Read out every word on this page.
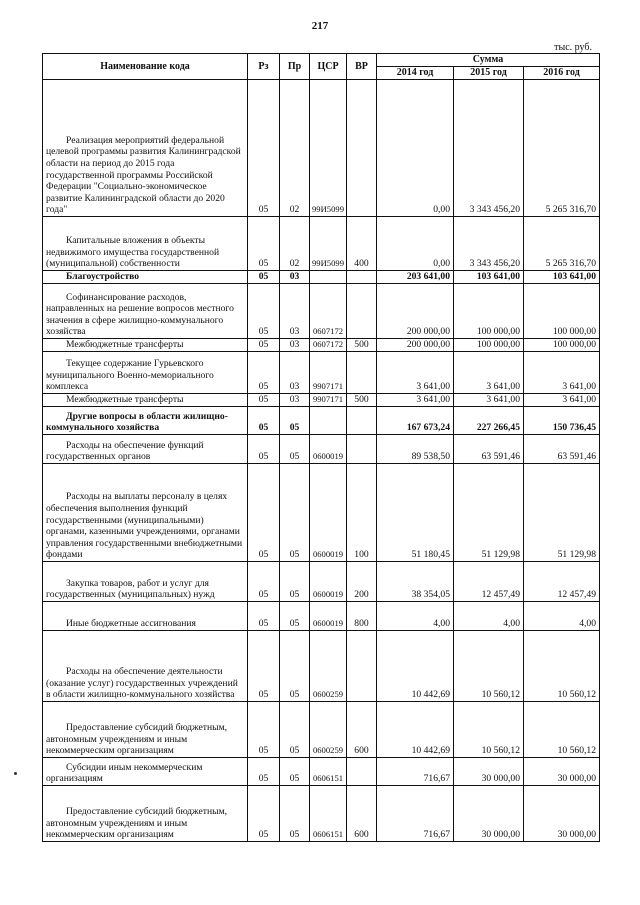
217
тыс. руб.
Наименование кода	Рз	Пр	ЦСР	ВР	Сумма		
					2014 год	2015 год	2016 год
Реализация мероприятий федеральной целевой программы развития Калининградской области на период до 2015 года государственной программы Российской Федерации "Социально-экономическое развитие Калининградской области до 2020 года"	05	02	99И5099		0,00	3 343 456,20	5 265 316,70
Капитальные вложения в объекты недвижимого имущества государственной (муниципальной) собственности	05	02	99И5099	400	0,00	3 343 456,20	5 265 316,70
Благоустройство	05	03			203 641,00	103 641,00	103 641,00
Софинансирование расходов, направленных на решение вопросов местного значения в сфере жилищно-коммунального хозяйства	05	03	0607172		200 000,00	100 000,00	100 000,00
Межбюджетные трансферты	05	03	0607172	500	200 000,00	100 000,00	100 000,00
Текущее содержание Гурьевского муниципального Военно-мемориального комплекса	05	03	9907171		3 641,00	3 641,00	3 641,00
Межбюджетные трансферты	05	03	9907171	500	3 641,00	3 641,00	3 641,00
Другие вопросы в области жилищно-коммунального хозяйства	05	05			167 673,24	227 266,45	150 736,45
Расходы на обеспечение функций государственных органов	05	05	0600019		89 538,50	63 591,46	63 591,46
Расходы на выплаты персоналу в целях обеспечения выполнения функций государственными (муниципальными) органами, казенными учреждениями, органами управления государственными внебюджетными фондами	05	05	0600019	100	51 180,45	51 129,98	51 129,98
Закупка товаров, работ и услуг для государственных (муниципальных) нужд	05	05	0600019	200	38 354,05	12 457,49	12 457,49
Иные бюджетные ассигнования	05	05	0600019	800	4,00	4,00	4,00
Расходы на обеспечение деятельности (оказание услуг) государственных учреждений в области жилищно-коммунального хозяйства	05	05	0600259		10 442,69	10 560,12	10 560,12
Предоставление субсидий бюджетным, автономным учреждениям и иным некоммерческим организациям	05	05	0600259	600	10 442,69	10 560,12	10 560,12
Субсидии иным некоммерческим организациям	05	05	0606151		716,67	30 000,00	30 000,00
Предоставление субсидий бюджетным, автономным учреждениям и иным некоммерческим организациям	05	05	0606151	600	716,67	30 000,00	30 000,00
